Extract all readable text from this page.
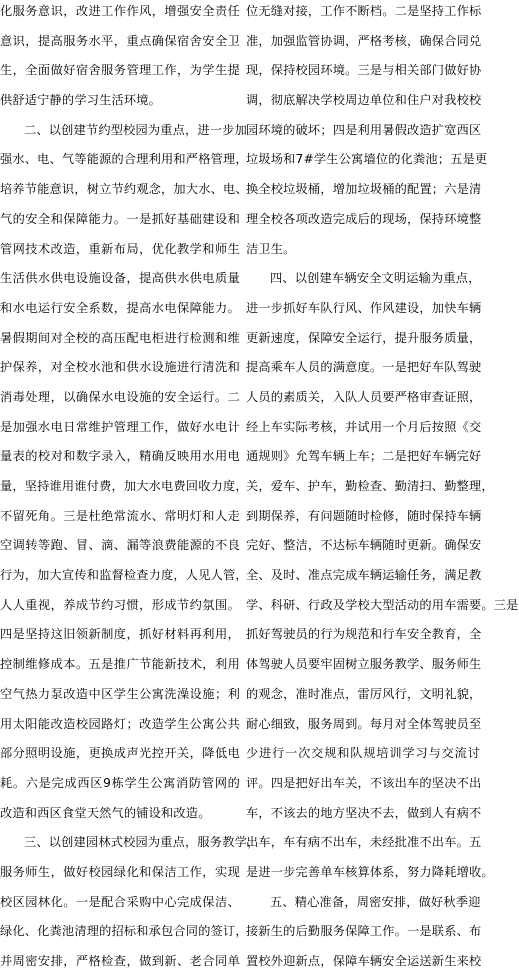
化服务意识，改进工作作风，增强安全责任
意识，提高服务水平，重点确保宿舍安全卫
生，全面做好宿舍服务管理工作，为学生提
供舒适宁静的学习生活环境。
二、以创建节约型校园为重点，进一步加
强水、电、气等能源的合理利用和严格管理，
培养节能意识，树立节约观念，加大水、电、
气的安全和保障能力。一是抓好基础建设和
管网技术改造，重新布局，优化教学和师生
生活供水供电设施设备，提高供水供电质量
和水电运行安全系数，提高水电保障能力。
暑假期间对全校的高压配电柜进行检测和维
护保养，对全校水池和供水设施进行清洗和
消毒处理，以确保水电设施的安全运行。二
是加强水电日常维护管理工作，做好水电计
量表的校对和数字录入，精确反映用水用电
量，坚持谁用谁付费，加大水电费回收力度，
不留死角。三是杜绝常流水、常明灯和人走
空调转等跑、冒、滴、漏等浪费能源的不良
行为，加大宣传和监督检查力度，人见人管，
人人重视，养成节约习惯，形成节约氛围。
四是坚持这旧领新制度，抓好材料再利用，
控制维修成本。五是推广节能新技术，利用
空气热力泵改造中区学生公寓洗澡设施；利
用太阳能改造校园路灯；改造学生公寓公共
部分照明设施，更换成声光控开关，降低电
耗。六是完成西区9栋学生公寓消防管网的
改造和西区食堂天然气的铺设和改造。
三、以创建园林式校园为重点，服务教学，
服务师生，做好校园绿化和保洁工作，实现
校区园林化。一是配合采购中心完成保洁、
绿化、化粪池清理的招标和承包合同的签订，
并周密安排，严格检查，做到新、老合同单
位无缝对接，工作不断档。二是坚持工作标
准，加强监管协调，严格考核，确保合同兑
现，保持校园环境。三是与相关部门做好协
调，彻底解决学校周边单位和住户对我校校
园环境的破坏；四是利用暑假改造扩宽西区
垃圾场和7#学生公寓墙位的化粪池；五是更
换全校垃圾桶，增加垃圾桶的配置；六是清
理全校各项改造完成后的现场，保持环境整
洁卫生。
四、以创建车辆安全文明运输为重点，
进一步抓好车队行风、作风建设，加快车辆
更新速度，保障安全运行，提升服务质量，
提高乘车人员的满意度。一是把好车队驾驶
人员的素质关，入队人员要严格审查证照，
经上车实际考核，并试用一个月后按照《交
通规则》允驾车辆上车；二是把好车辆完好
关，爱车、护车，勤检查、勤清扫、勤整理，
到期保养，有问题随时检修，随时保持车辆
完好、整洁，不达标车辆随时更新。确保安
全、及时、准点完成车辆运输任务，满足教
学、科研、行政及学校大型活动的用车需要。三是
抓好驾驶员的行为规范和行车安全教育，全
体驾驶人员要牢固树立服务教学、服务师生
的观念，准时准点，雷厉风行，文明礼貌，
耐心细致，服务周到。每月对全体驾驶员至
少进行一次交规和队规培训学习与交流讨
评。四是把好出车关，不该出车的坚决不出
车，不该去的地方坚决不去，做到人有病不
出车，车有病不出车，未经批准不出车。五
是进一步完善单车核算体系，努力降耗增收。
五、精心准备，周密安排，做好秋季迎
接新生的后勤服务保障工作。一是联系、布
置校外迎新点，保障车辆安全运送新生来校
